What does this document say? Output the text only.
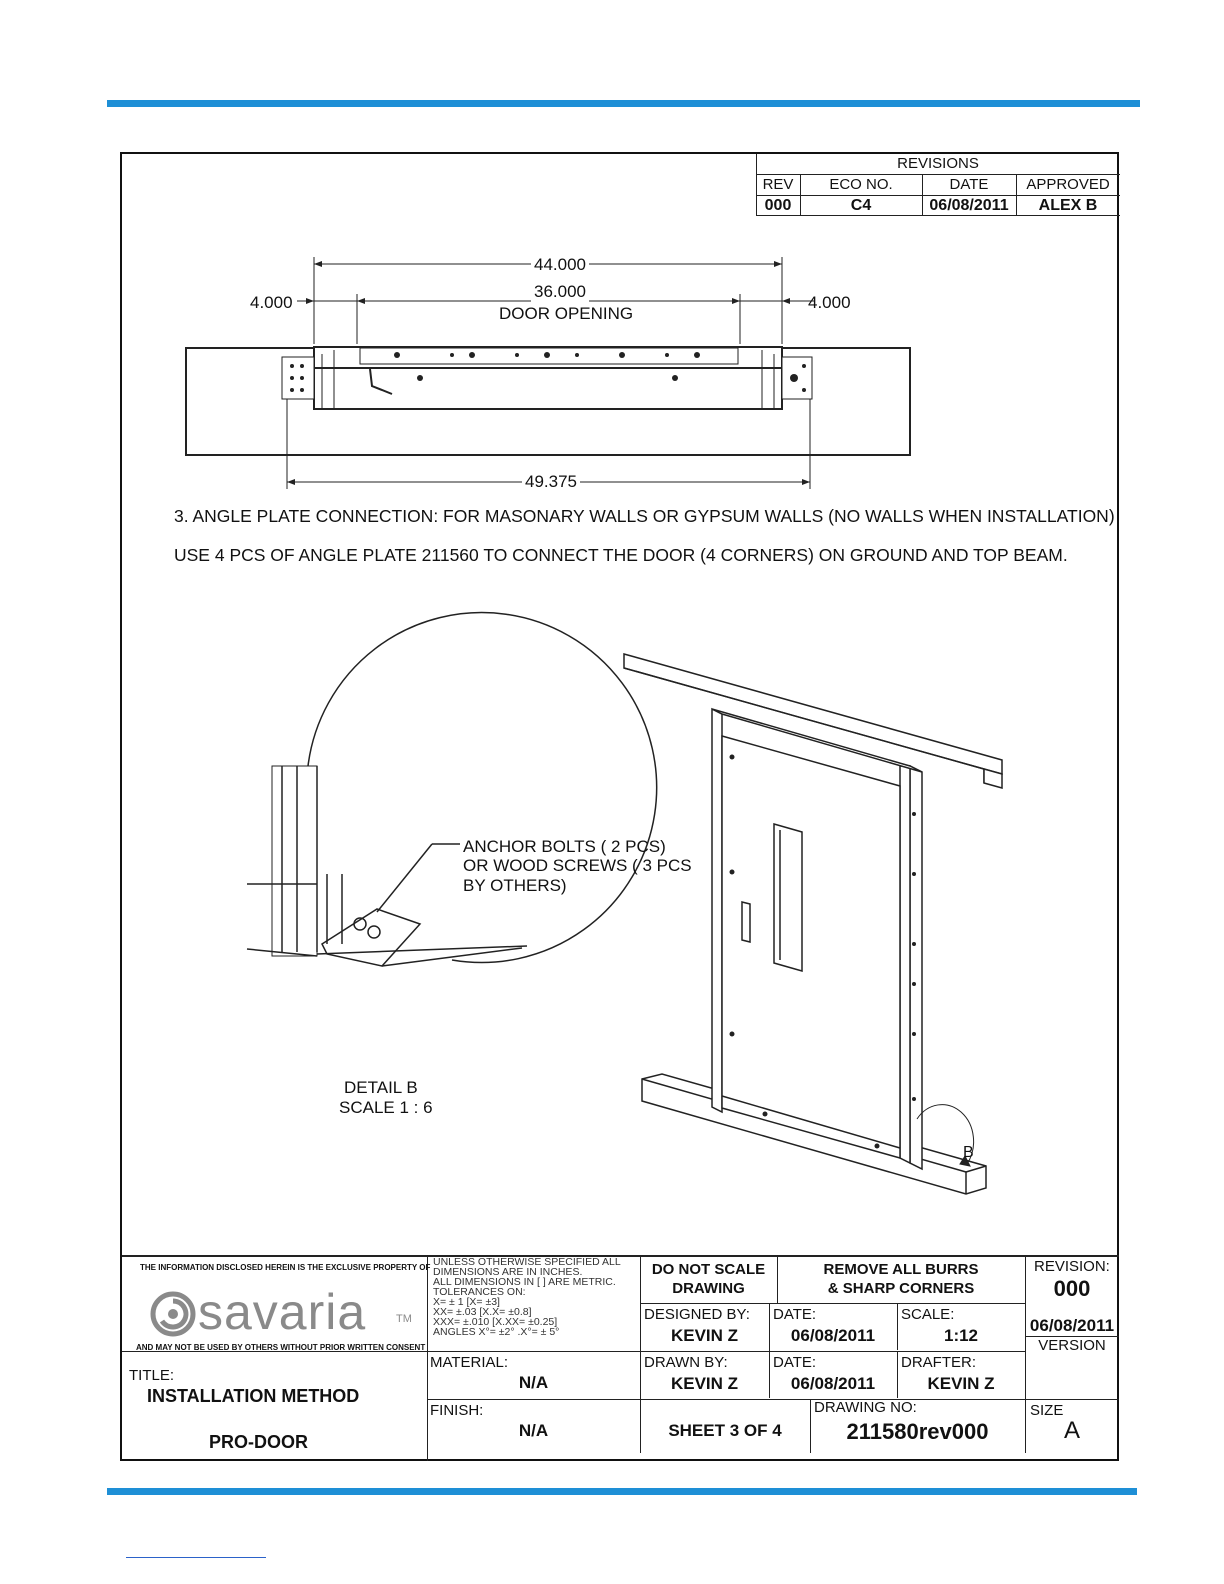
REVISIONS
REV	ECO NO.	DATE	APPROVED
000	C4	06/08/2011	ALEX B
44.000
36.000
DOOR OPENING
4.000	4.000
49.375
3. ANGLE PLATE CONNECTION: FOR MASONARY WALLS OR GYPSUM WALLS (NO WALLS WHEN INSTALLATION)
USE 4 PCS OF ANGLE PLATE 211560 TO CONNECT THE DOOR (4 CORNERS) ON GROUND AND TOP BEAM.
ANCHOR BOLTS ( 2 PCS)
OR WOOD SCREWS ( 3 PCS
BY OTHERS)
DETAIL B
SCALE 1 : 6
B
THE INFORMATION DISCLOSED HEREIN IS THE EXCLUSIVE PROPERTY OF
savaria	TM
AND MAY NOT BE USED BY OTHERS WITHOUT PRIOR WRITTEN CONSENT
UNLESS OTHERWISE SPECIFIED ALL
DIMENSIONS ARE IN INCHES.
ALL DIMENSIONS IN [ ] ARE METRIC.
TOLERANCES ON:
X= ± 1 [X= ±3]
XX= ±.03 [X.X= ±0.8]
XXX= ±.010 [X.XX= ±0.25]
ANGLES X°= ±2° .X°= ± 5°
DO NOT SCALE
DRAWING
REMOVE ALL BURRS
& SHARP CORNERS
REVISION:
000
06/08/2011
VERSION
DESIGNED BY:
KEVIN Z
DATE:
06/08/2011
SCALE:
1:12
TITLE:
INSTALLATION METHOD
PRO-DOOR
MATERIAL:
N/A
DRAWN BY:
KEVIN Z
DATE:
06/08/2011
DRAFTER:
KEVIN Z
FINISH:
N/A	SHEET 3 OF 4
DRAWING NO:
211580rev000
SIZE
A
